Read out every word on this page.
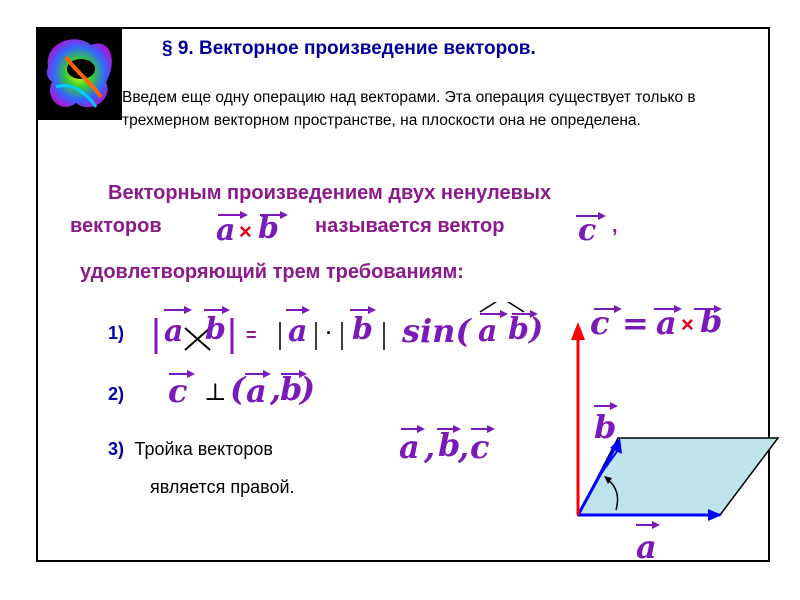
§ 9. Векторное произведение векторов.
Введем еще одну операцию над векторами. Эта операция существует только в трехмерном векторном пространстве, на плоскости она не определена.
Векторным произведением двух ненулевых
векторов	называется вектор	,
удовлетворяющий трем требованиям:
a × b	c
1) a b = a · b sin( a b) c = a × b
2) c ⊥ ( a ,
b
)
3) Тройка векторов
является правой.
a , b
, c
b
a
